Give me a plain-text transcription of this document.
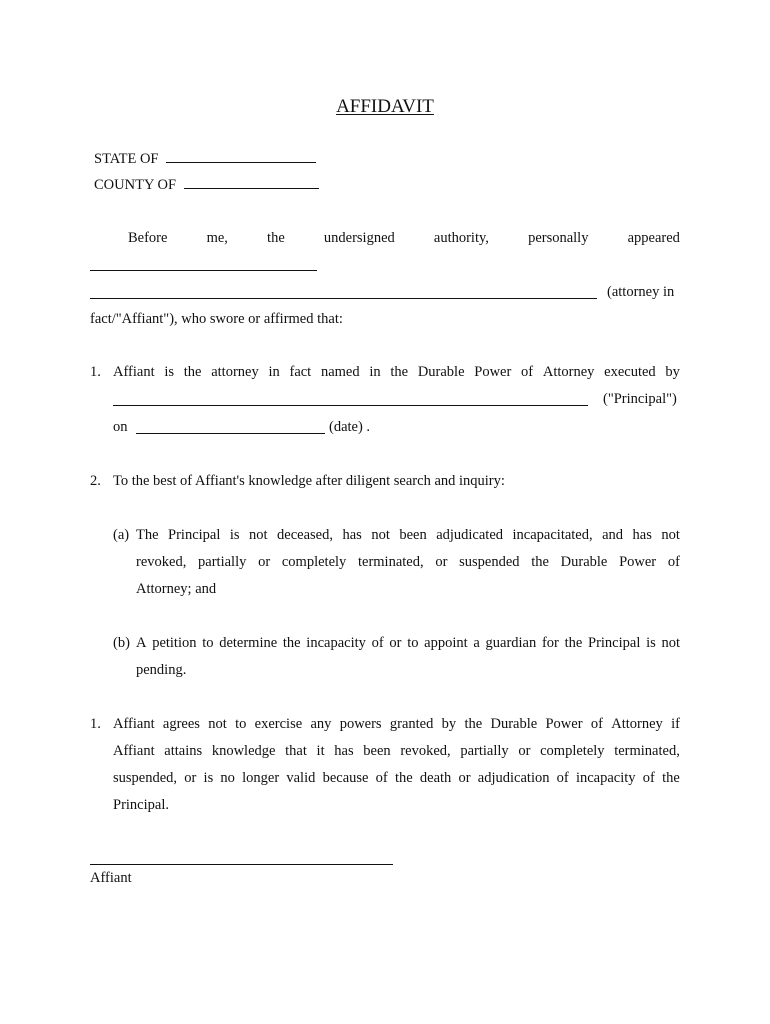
AFFIDAVIT
STATE OF
COUNTY OF
Before	me,	the	undersigned	authority,	personally	appeared
(attorney in
fact/"Affiant"), who swore or affirmed that:
1. Affiant is the attorney in fact named in the Durable Power of Attorney executed by
("Principal")
on	(date) .
2. To the best of Affiant's knowledge after diligent search and inquiry:
(a) The Principal is not deceased, has not been adjudicated incapacitated, and has not
revoked, partially or completely terminated, or suspended the Durable Power of
Attorney; and
(b) A petition to determine the incapacity of or to appoint a guardian for the Principal is not
pending.
1. Affiant agrees not to exercise any powers granted by the Durable Power of Attorney if
Affiant attains knowledge that it has been revoked, partially or completely terminated,
suspended, or is no longer valid because of the death or adjudication of incapacity of the
Principal.
Affiant
